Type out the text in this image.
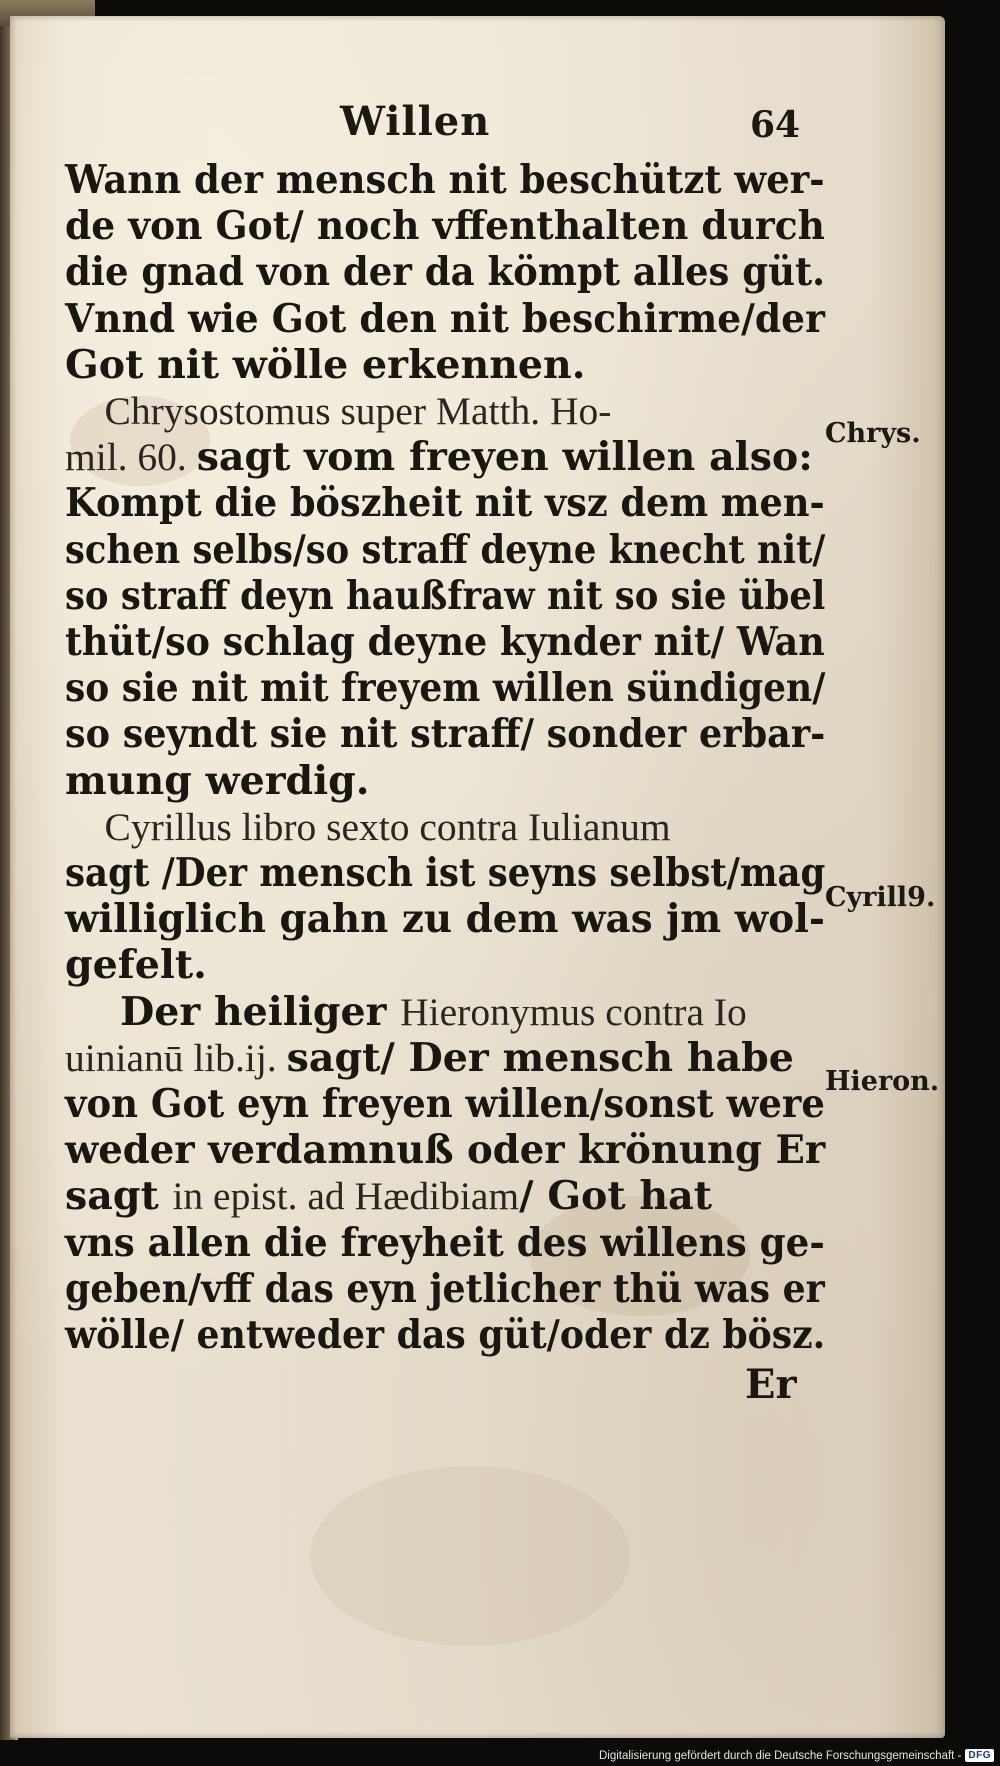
Willen	64
Wann der mensch nit beschützt wer-
de von Got/ noch vffenthalten durch
die gnad von der da kömpt alles güt.
Vnnd wie Got den nit beschirme/der
Got nit wölle erkennen.
Chrysostomus super Matth. Ho-
mil. 60. sagt vom freyen willen also:
Kompt die böszheit nit vsz dem men-
schen selbs/so straff deyne knecht nit/
so straff deyn haußfraw nit so sie übel
thüt/so schlag deyne kynder nit/ Wan
so sie nit mit freyem willen sündigen/
so seyndt sie nit straff/ sonder erbar-
mung werdig.
Cyrillus libro sexto contra Iulianum
sagt /Der mensch ist seyns selbst/mag
williglich gahn zu dem was jm wol-
gefelt.
Der heiliger Hieronymus contra Io
uinianū lib.ij. sagt/ Der mensch habe
von Got eyn freyen willen/sonst were
weder verdamnuß oder krönung Er
sagt in epist. ad Hædibiam/ Got hat
vns allen die freyheit des willens ge-
geben/vff das eyn jetlicher thü was er
wölle/ entweder das güt/oder dz bösz.
Chrys.
Cyrill9.
Hieron.
Er
Digitalisierung gefördert durch die Deutsche Forschungsgemeinschaft - DFG
